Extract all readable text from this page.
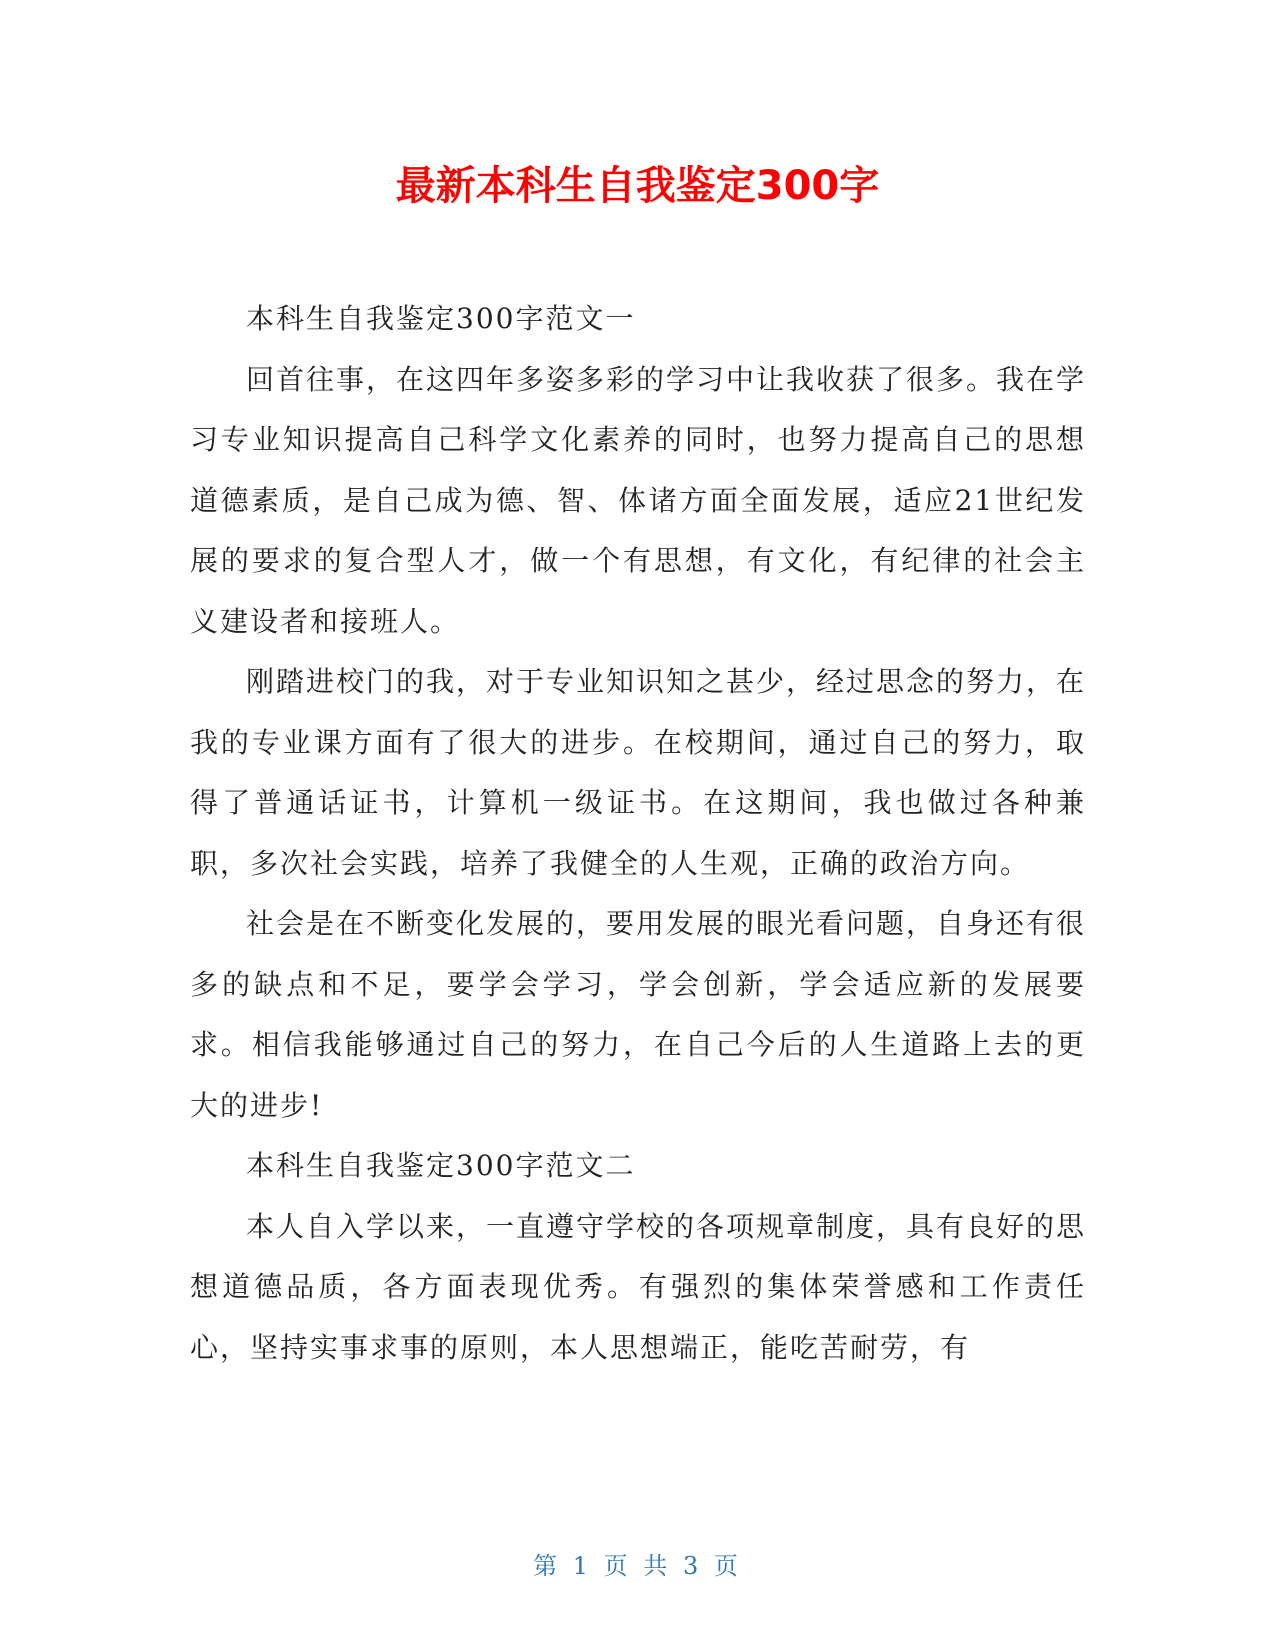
最新本科生自我鉴定300字

本科生自我鉴定300字范文一

回首往事，在这四年多姿多彩的学习中让我收获了很多。我在学习专业知识提高自己科学文化素养的同时，也努力提高自己的思想道德素质，是自己成为德、智、体诸方面全面发展，适应21世纪发展的要求的复合型人才，做一个有思想，有文化，有纪律的社会主义建设者和接班人。

刚踏进校门的我，对于专业知识知之甚少，经过思念的努力，在我的专业课方面有了很大的进步。在校期间，通过自己的努力，取得了普通话证书，计算机一级证书。在这期间，我也做过各种兼职，多次社会实践，培养了我健全的人生观，正确的政治方向。

社会是在不断变化发展的，要用发展的眼光看问题，自身还有很多的缺点和不足，要学会学习，学会创新，学会适应新的发展要求。相信我能够通过自己的努力，在自己今后的人生道路上去的更大的进步!

本科生自我鉴定300字范文二

本人自入学以来，一直遵守学校的各项规章制度，具有良好的思想道德品质，各方面表现优秀。有强烈的集体荣誉感和工作责任心，坚持实事求事的原则，本人思想端正，能吃苦耐劳，有

第 1 页 共 3 页
